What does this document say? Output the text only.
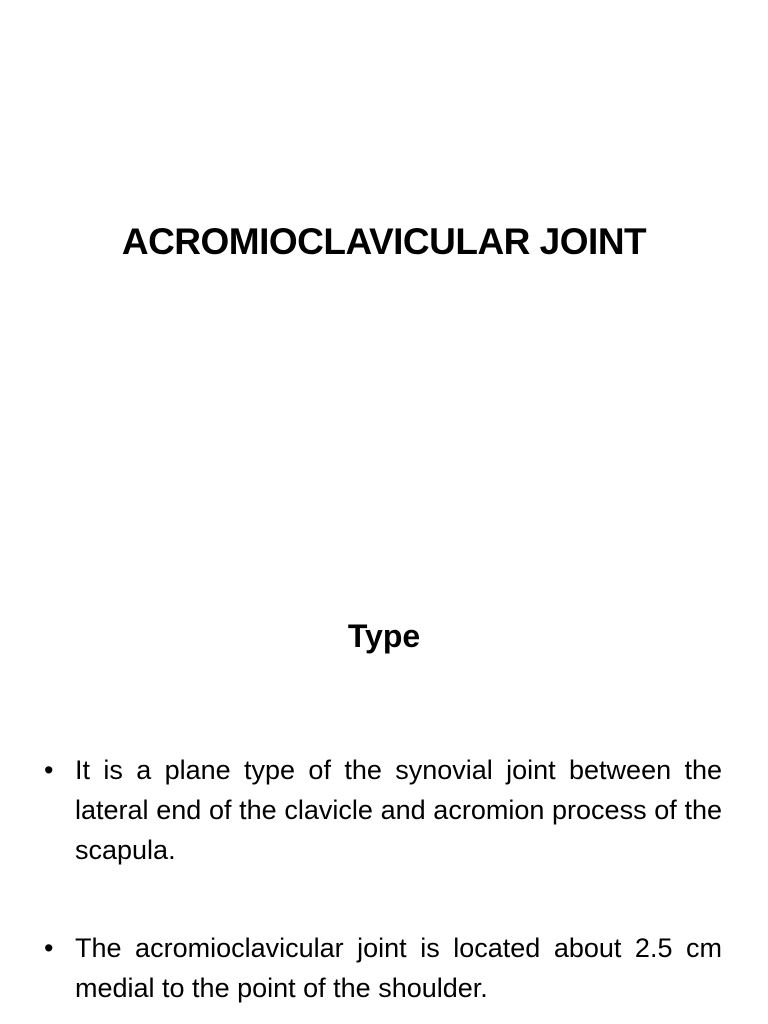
ACROMIOCLAVICULAR JOINT
Type
• It is a plane type of the synovial joint between the lateral end of the clavicle and acromion process of the scapula.
• The acromioclavicular joint is located about 2.5 cm medial to the point of the shoulder.
